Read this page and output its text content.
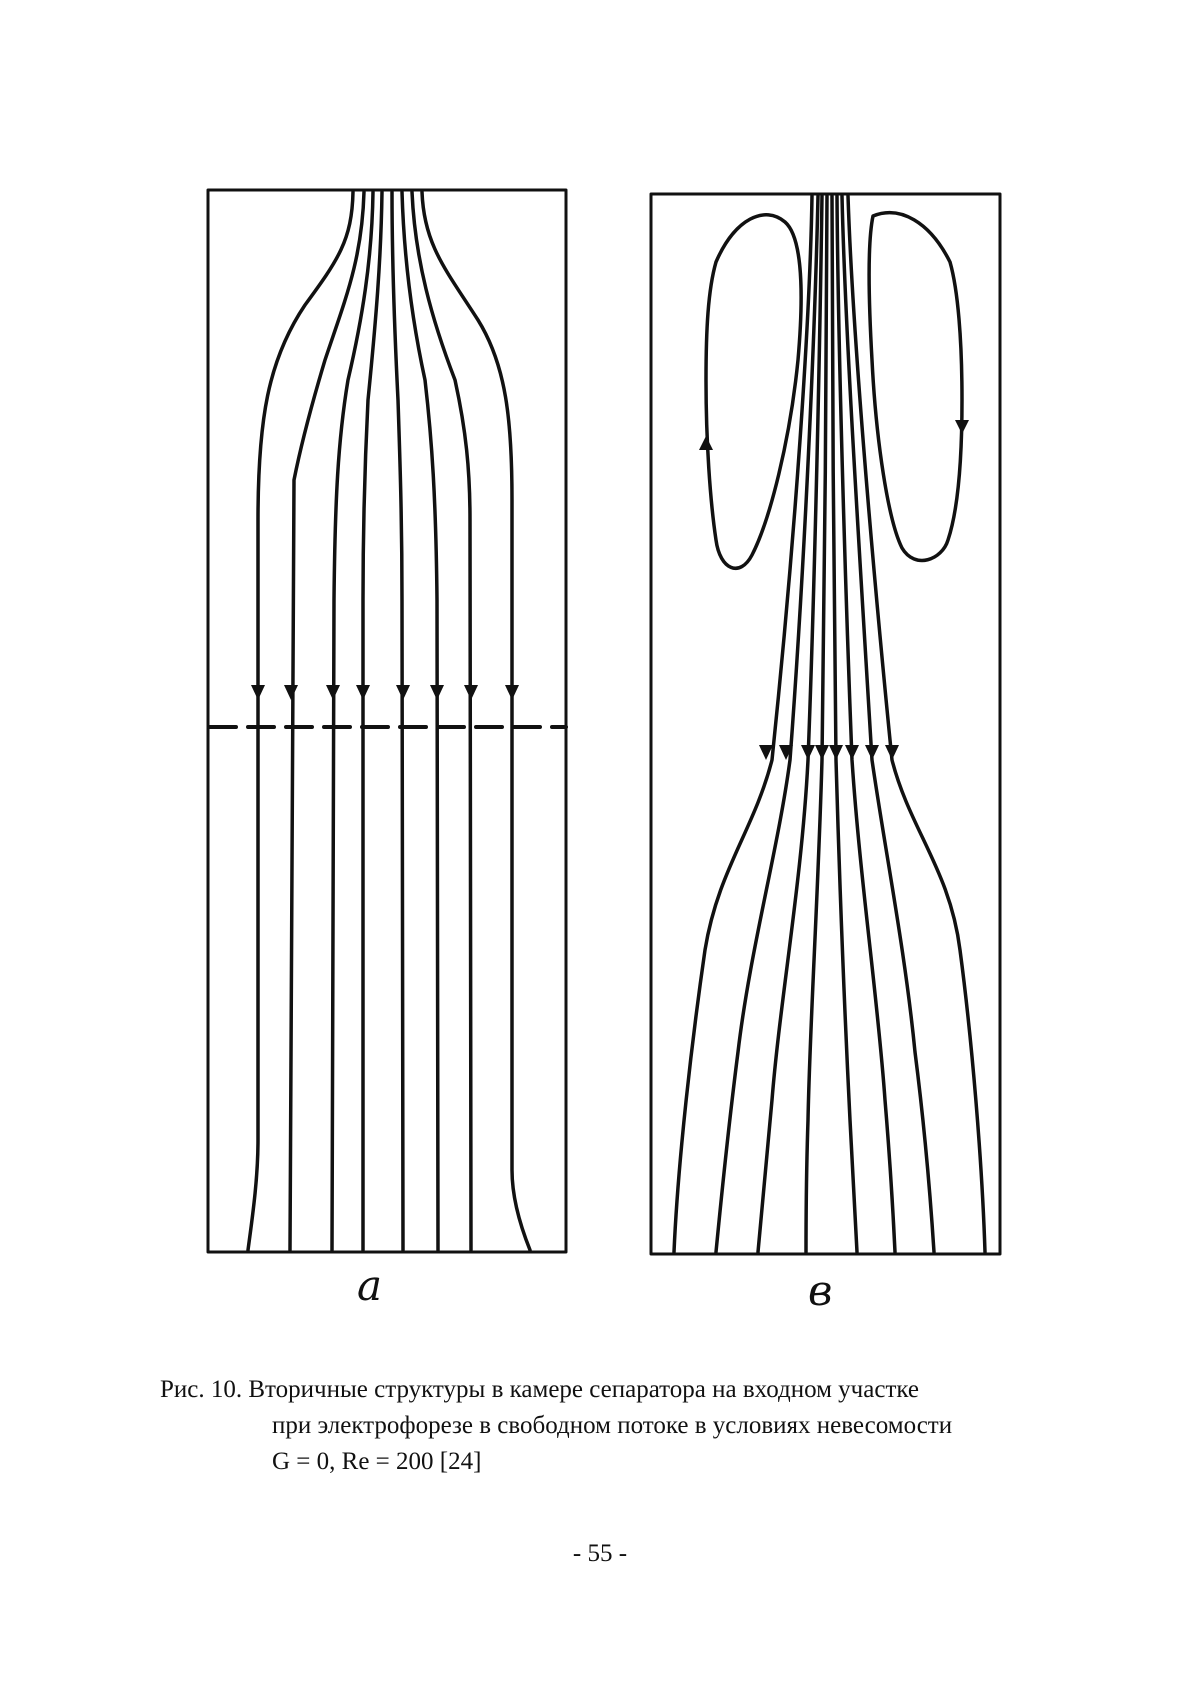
а	в
Рис. 10. Вторичные структуры в камере сепаратора на входном участке
при электрофорезе в свободном потоке в условиях невесомости
G = 0, Re = 200 [24]
- 55 -
